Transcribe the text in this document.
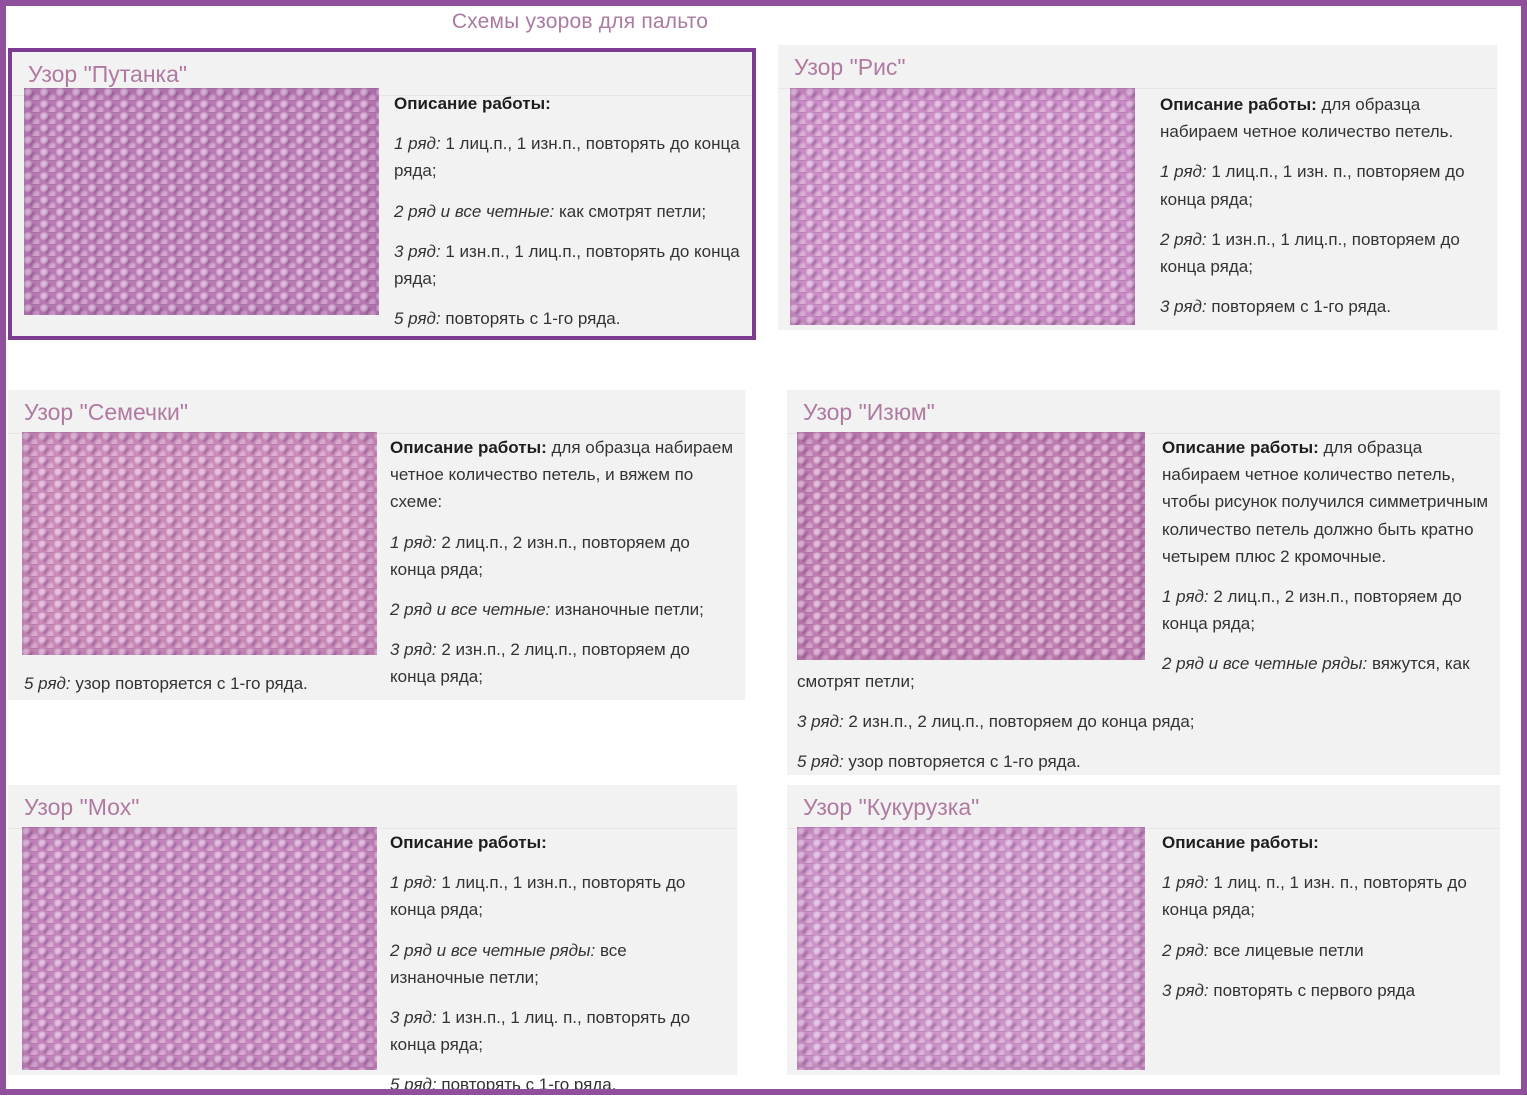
Схемы узоров для пальто
Узор "Путанка"

Описание работы:

1 ряд: 1 лиц.п., 1 изн.п., повторять до конца ряда;

2 ряд и все четные: как смотрят петли;

3 ряд: 1 изн.п., 1 лиц.п., повторять до конца ряда;

5 ряд: повторять с 1-го ряда.

Узор "Рис"

Описание работы: для образца набираем четное количество петель.

1 ряд: 1 лиц.п., 1 изн. п., повторяем до конца ряда;

2 ряд: 1 изн.п., 1 лиц.п., повторяем до конца ряда;

3 ряд: повторяем с 1-го ряда.

Узор "Семечки"

Описание работы: для образца набираем четное количество петель, и вяжем по схеме:

1 ряд: 2 лиц.п., 2 изн.п., повторяем до конца ряда;

2 ряд и все четные: изнаночные петли;

3 ряд: 2 изн.п., 2 лиц.п., повторяем до конца ряда;

5 ряд: узор повторяется с 1-го ряда.

Узор "Изюм"

Описание работы: для образца набираем четное количество петель, чтобы рисунок получился симметричным количество петель должно быть кратно четырем плюс 2 кромочные.

1 ряд: 2 лиц.п., 2 изн.п., повторяем до конца ряда;

2 ряд и все четные ряды: вяжутся, как

смотрят петли;

3 ряд: 2 изн.п., 2 лиц.п., повторяем до конца ряда;

5 ряд: узор повторяется с 1-го ряда.

Узор "Мох"

Описание работы:

1 ряд: 1 лиц.п., 1 изн.п., повторять до конца ряда;

2 ряд и все четные ряды: все изнаночные петли;

3 ряд: 1 изн.п., 1 лиц. п., повторять до конца ряда;

5 ряд: повторять с 1-го ряда.

Узор "Кукурузка"

Описание работы:

1 ряд: 1 лиц. п., 1 изн. п., повторять до конца ряда;

2 ряд: все лицевые петли

3 ряд: повторять с первого ряда
